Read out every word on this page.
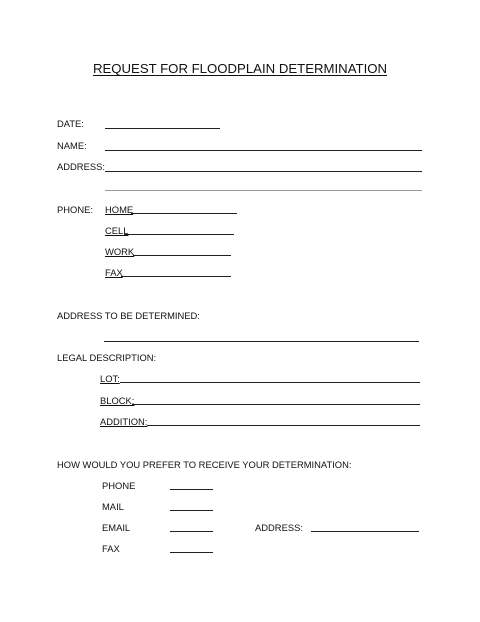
REQUEST FOR FLOODPLAIN DETERMINATION
DATE:
NAME:
ADDRESS:
PHONE: HOME
CELL
WORK
FAX
ADDRESS TO BE DETERMINED:
LEGAL DESCRIPTION:
LOT:
BLOCK:
ADDITION:
HOW WOULD YOU PREFER TO RECEIVE YOUR DETERMINATION:
PHONE
MAIL
EMAIL	ADDRESS:
FAX
